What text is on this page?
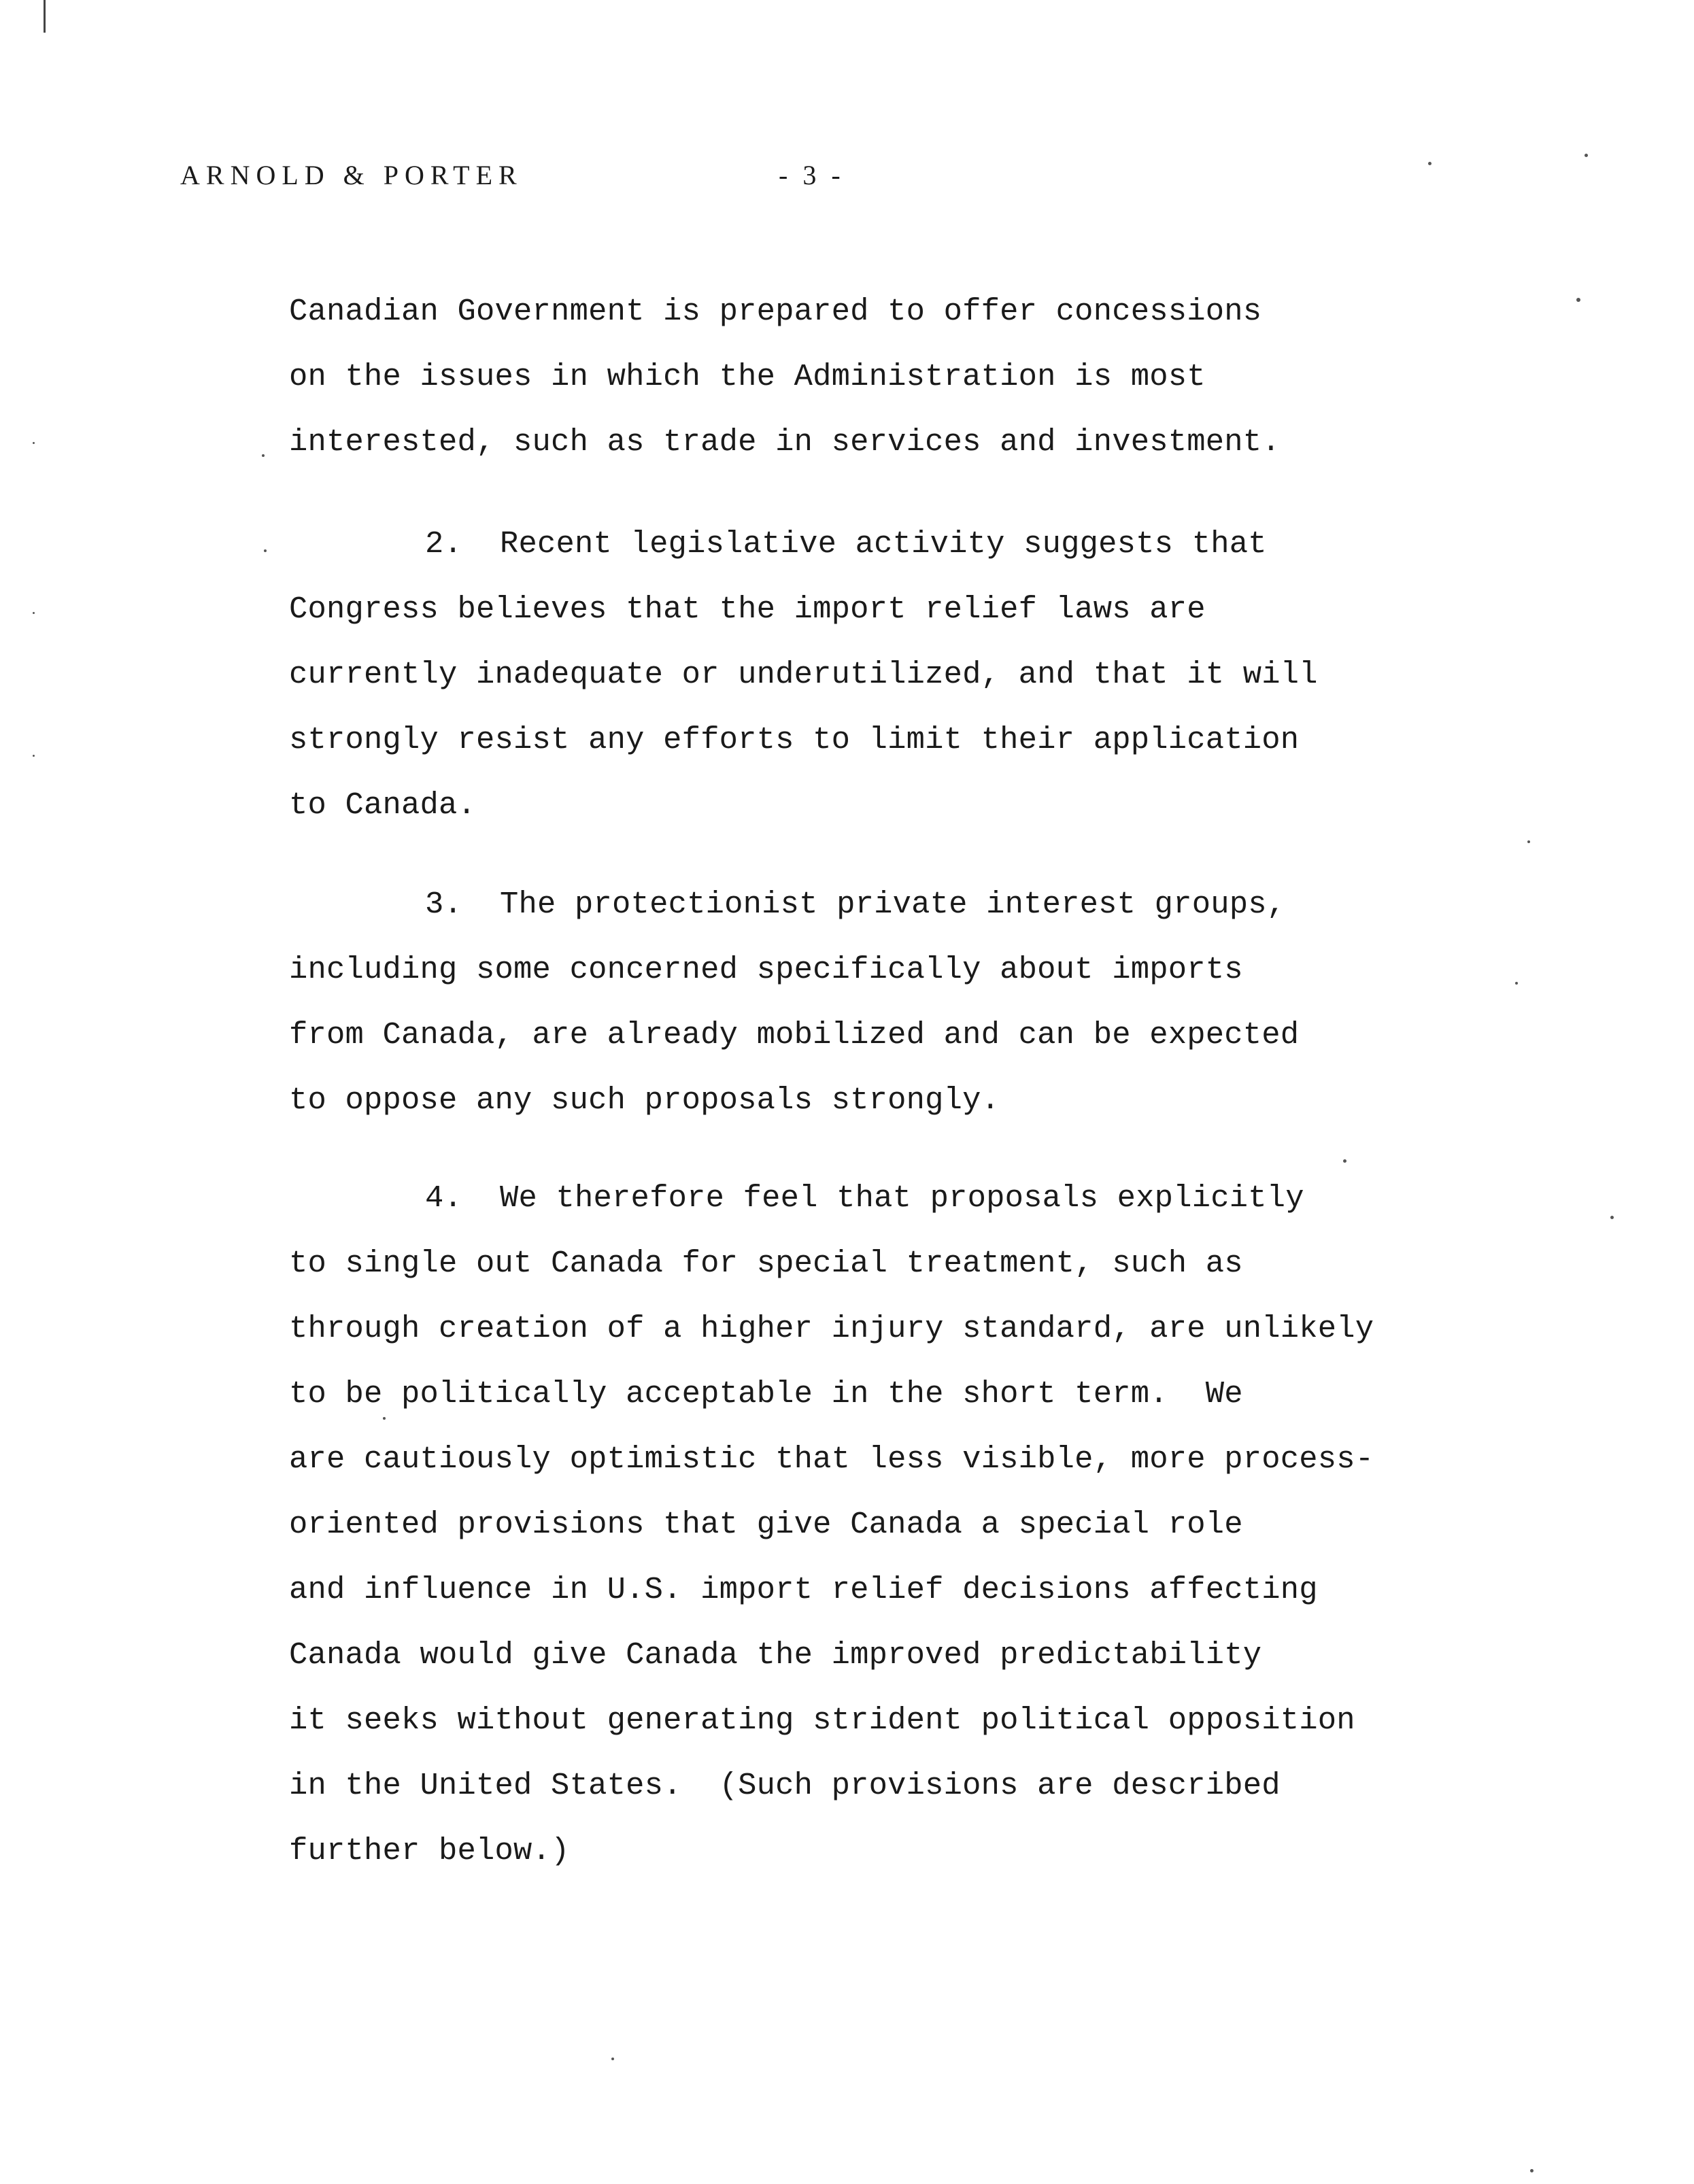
ARNOLD & PORTER	- 3 -
Canadian Government is prepared to offer concessions
on the issues in which the Administration is most
interested, such as trade in services and investment.
2. Recent legislative activity suggests that
Congress believes that the import relief laws are
currently inadequate or underutilized, and that it will
strongly resist any efforts to limit their application
to Canada.
3. The protectionist private interest groups,
including some concerned specifically about imports
from Canada, are already mobilized and can be expected
to oppose any such proposals strongly.
4. We therefore feel that proposals explicitly
to single out Canada for special treatment, such as
through creation of a higher injury standard, are unlikely
to be politically acceptable in the short term.  We
are cautiously optimistic that less visible, more process-
oriented provisions that give Canada a special role
and influence in U.S. import relief decisions affecting
Canada would give Canada the improved predictability
it seeks without generating strident political opposition
in the United States.  (Such provisions are described
further below.)
